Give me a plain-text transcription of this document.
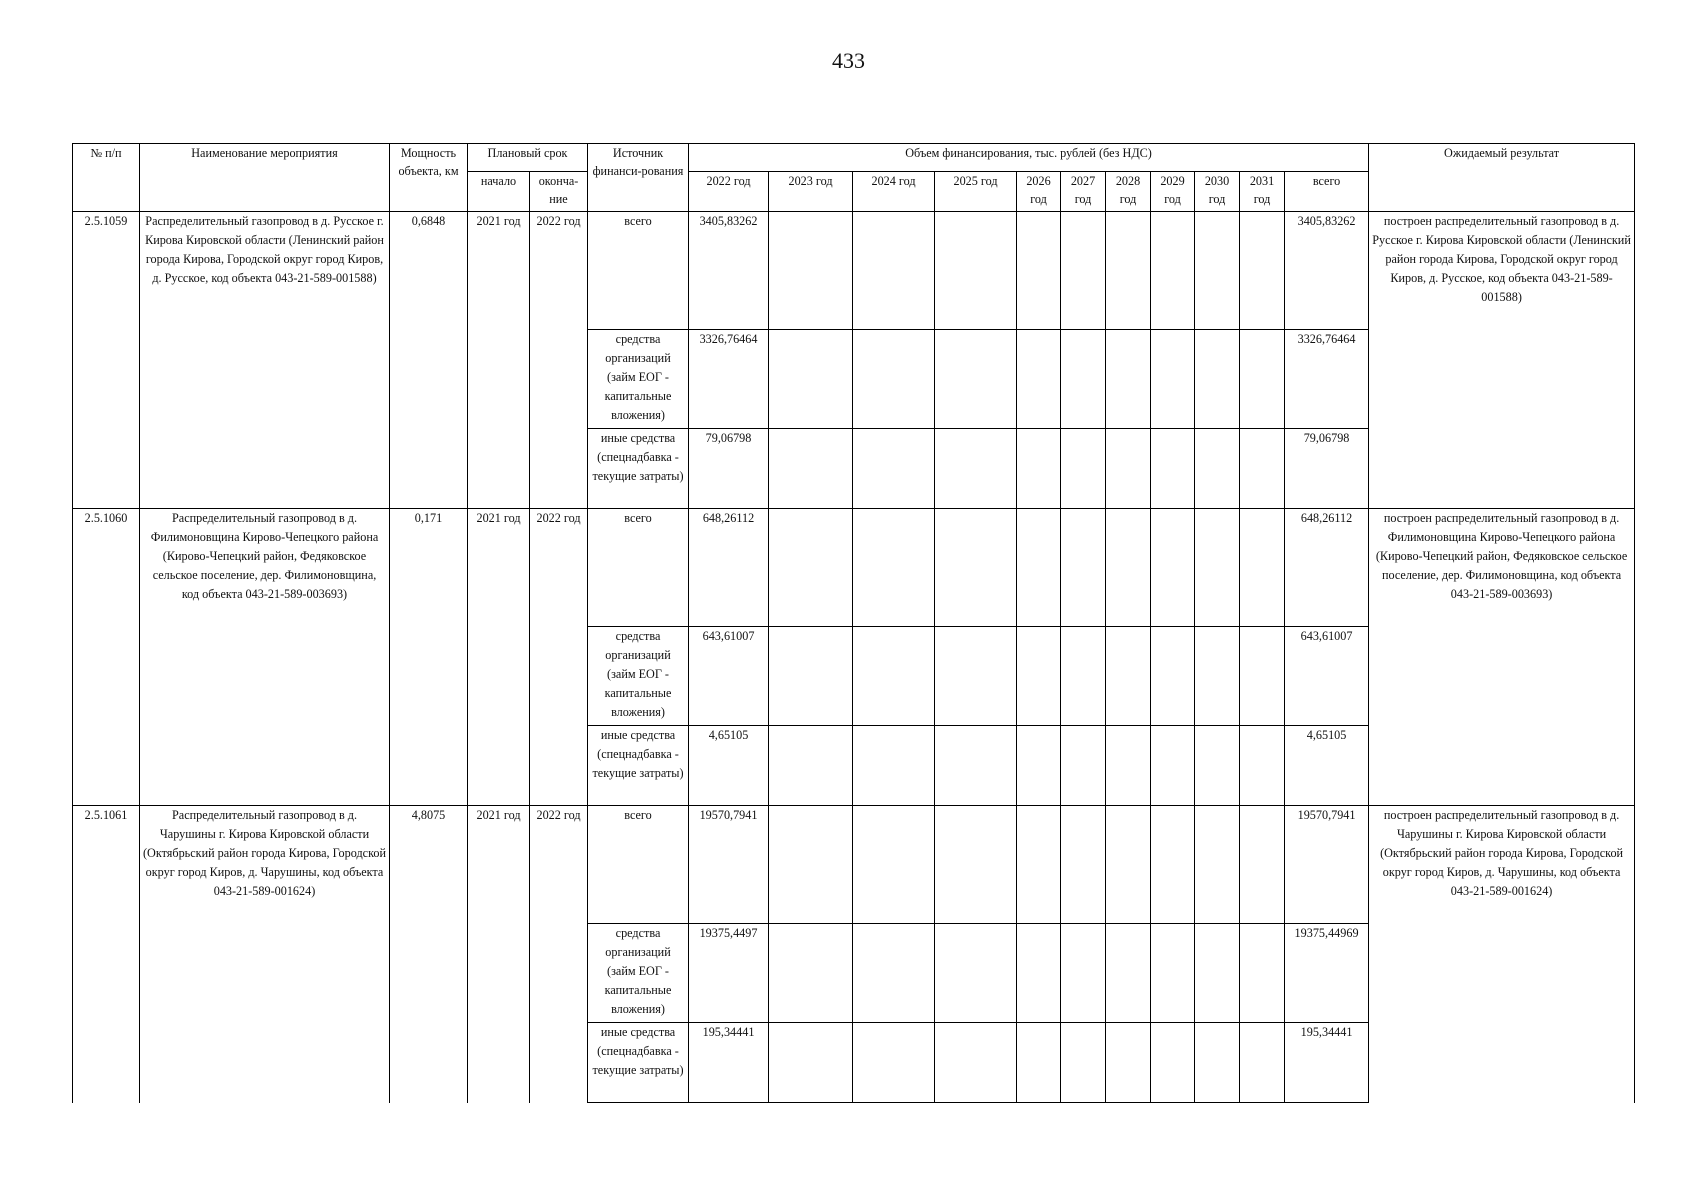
433
№ п/п	Наименование мероприятия	Мощность объекта, км	Плановый срок		Источник финанси-рования	Объем финансирования, тыс. рублей (без НДС)											Ожидаемый результат
			начало	оконча-ние		2022 год	2023 год	2024 год	2025 год	2026 год	2027 год	2028 год	2029 год	2030 год	2031 год	всего	
2.5.1059	Распределительный газопровод в д. Русское г. Кирова Кировской области (Ленинский район города Кирова, Городской округ город Киров, д. Русское, код объекта 043-21-589-001588)	0,6848	2021 год	2022 год	всего	3405,83262										3405,83262	построен распределительный газопровод в д. Русское г. Кирова Кировской области (Ленинский район города Кирова, Городской округ город Киров, д. Русское, код объекта 043-21-589-001588)
					средства организаций (займ ЕОГ - капитальные вложения)	3326,76464										3326,76464	
					иные средства (спецнадбавка - текущие затраты)	79,06798										79,06798	
2.5.1060	Распределительный газопровод в д. Филимоновщина Кирово-Чепецкого района (Кирово-Чепецкий район, Федяковское сельское поселение, дер. Филимоновщина, код объекта 043-21-589-003693)	0,171	2021 год	2022 год	всего	648,26112										648,26112	построен распределительный газопровод в д. Филимоновщина Кирово-Чепецкого района (Кирово-Чепецкий район, Федяковское сельское поселение, дер. Филимоновщина, код объекта 043-21-589-003693)
					средства организаций (займ ЕОГ - капитальные вложения)	643,61007										643,61007	
					иные средства (спецнадбавка - текущие затраты)	4,65105										4,65105	
2.5.1061	Распределительный газопровод в д. Чарушины г. Кирова Кировской области (Октябрьский район города Кирова, Городской округ город Киров, д. Чарушины, код объекта 043-21-589-001624)	4,8075	2021 год	2022 год	всего	19570,7941										19570,7941	построен распределительный газопровод в д. Чарушины г. Кирова Кировской области (Октябрьский район города Кирова, Городской округ город Киров, д. Чарушины, код объекта 043-21-589-001624)
					средства организаций (займ ЕОГ - капитальные вложения)	19375,4497										19375,44969	
					иные средства (спецнадбавка - текущие затраты)	195,34441										195,34441	
